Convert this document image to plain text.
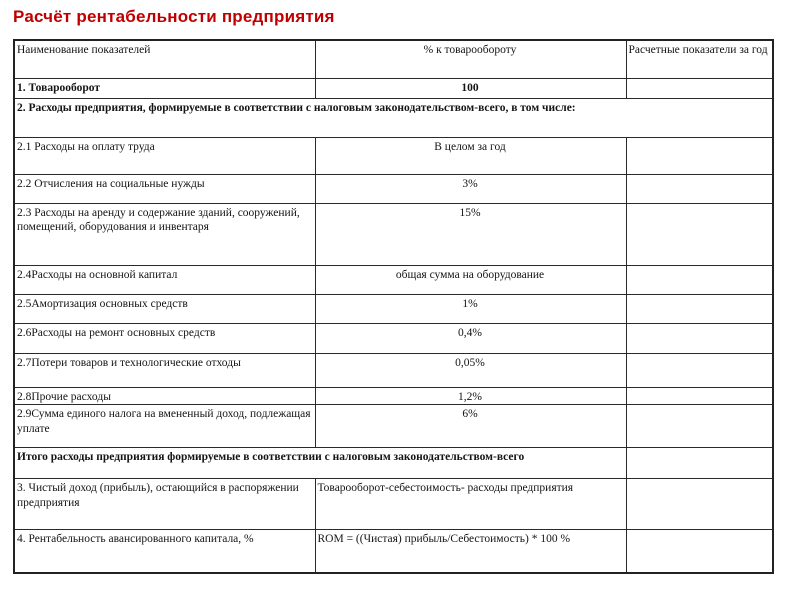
Расчёт рентабельности предприятия
Наименование показателей	% к товарообороту	Расчетные показатели за год
1. Товарооборот	100	
2. Расходы предприятия, формируемые в соответствии с налоговым законодательством-всего, в том числе:		
2.1 Расходы на оплату труда	В целом за год	
2.2 Отчисления на социальные нужды	3%	
2.3 Расходы на аренду и содержание зданий, сооружений, помещений, оборудования и инвентаря	15%	
2.4Расходы на основной капитал	общая сумма на оборудование	
2.5Амортизация основных средств	1%	
2.6Расходы на ремонт основных средств	0,4%	
2.7Потери товаров и технологические отходы	0,05%	
2.8Прочие расходы	1,2%	
2.9Сумма единого налога на вмененный доход, подлежащая уплате	6%	
Итого расходы предприятия формируемые в соответствии с налоговым законодательством-всего		
3. Чистый доход (прибыль), остающийся в распоряжении предприятия	Товарооборот-себестоимость- расходы предприятия	
4. Рентабельность авансированного капитала, %	ROM = ((Чистая) прибыль/Себестоимость) * 100 %	
